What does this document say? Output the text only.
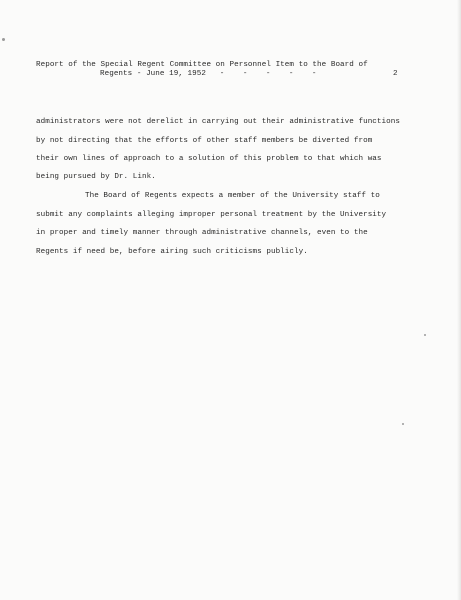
Report of the Special Regent Committee on Personnel Item to the Board of
Regents - June 19, 1952   -    -    -    -    -	2
administrators were not derelict in carrying out their administrative functions
by not directing that the efforts of other staff members be diverted from
their own lines of approach to a solution of this problem to that which was
being pursued by Dr. Link.
The Board of Regents expects a member of the University staff to
submit any complaints alleging improper personal treatment by the University
in proper and timely manner through administrative channels, even to the
Regents if need be, before airing such criticisms publicly.
